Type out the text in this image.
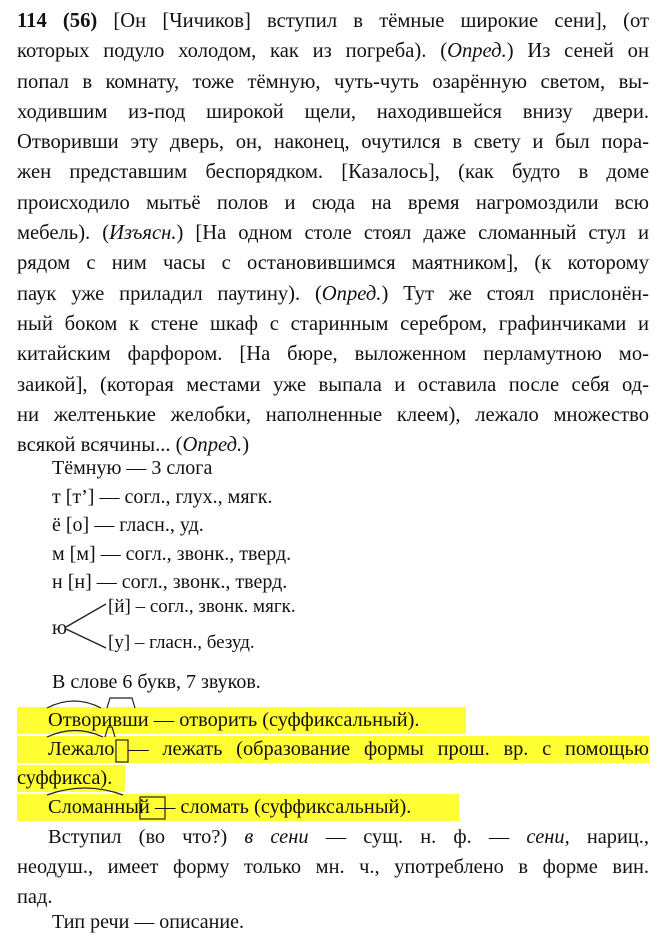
114 (56) [Он [Чичиков] вступил в тёмные широкие сени], (от
которых подуло холодом, как из погреба). (Опред.) Из сеней он
попал в комнату, тоже тёмную, чуть-чуть озарённую светом, вы-
ходившим из-под широкой щели, находившейся внизу двери.
Отворивши эту дверь, он, наконец, очутился в свету и был пора-
жен представшим беспорядком. [Казалось], (как будто в доме
происходило мытьё полов и сюда на время нагромоздили всю
мебель). (Изъясн.) [На одном столе стоял даже сломанный стул и
рядом с ним часы с остановившимся маятником], (к которому
паук уже приладил паутину). (Опред.) Тут же стоял прислонён-
ный боком к стене шкаф с старинным серебром, графинчиками и
китайским фарфором. [На бюре, выложенном перламутною мо-
заикой], (которая местами уже выпала и оставила после себя од-
ни желтенькие желобки, наполненные клеем), лежало множество
всякой всячины... (Опред.)
Тёмную — 3 слога
т [т’] — согл., глух., мягк.
ё [о] — гласн., уд.
м [м] — согл., звонк., тверд.
н [н] — согл., звонк., тверд.
ю
[й] – согл., звонк. мягк.
[у] – гласн., безуд.
В слове 6 букв, 7 звуков.
Отворивши — отворить (суффиксальный).
Лежало — лежать (образование формы прош. вр. с помощью
суффикса).
Сломанный — сломать (суффиксальный).
Вступил (во что?) в сени — сущ. н. ф. — сени, нариц.,
неодуш., имеет форму только мн. ч., употреблено в форме вин.
пад.
Тип речи — описание.
